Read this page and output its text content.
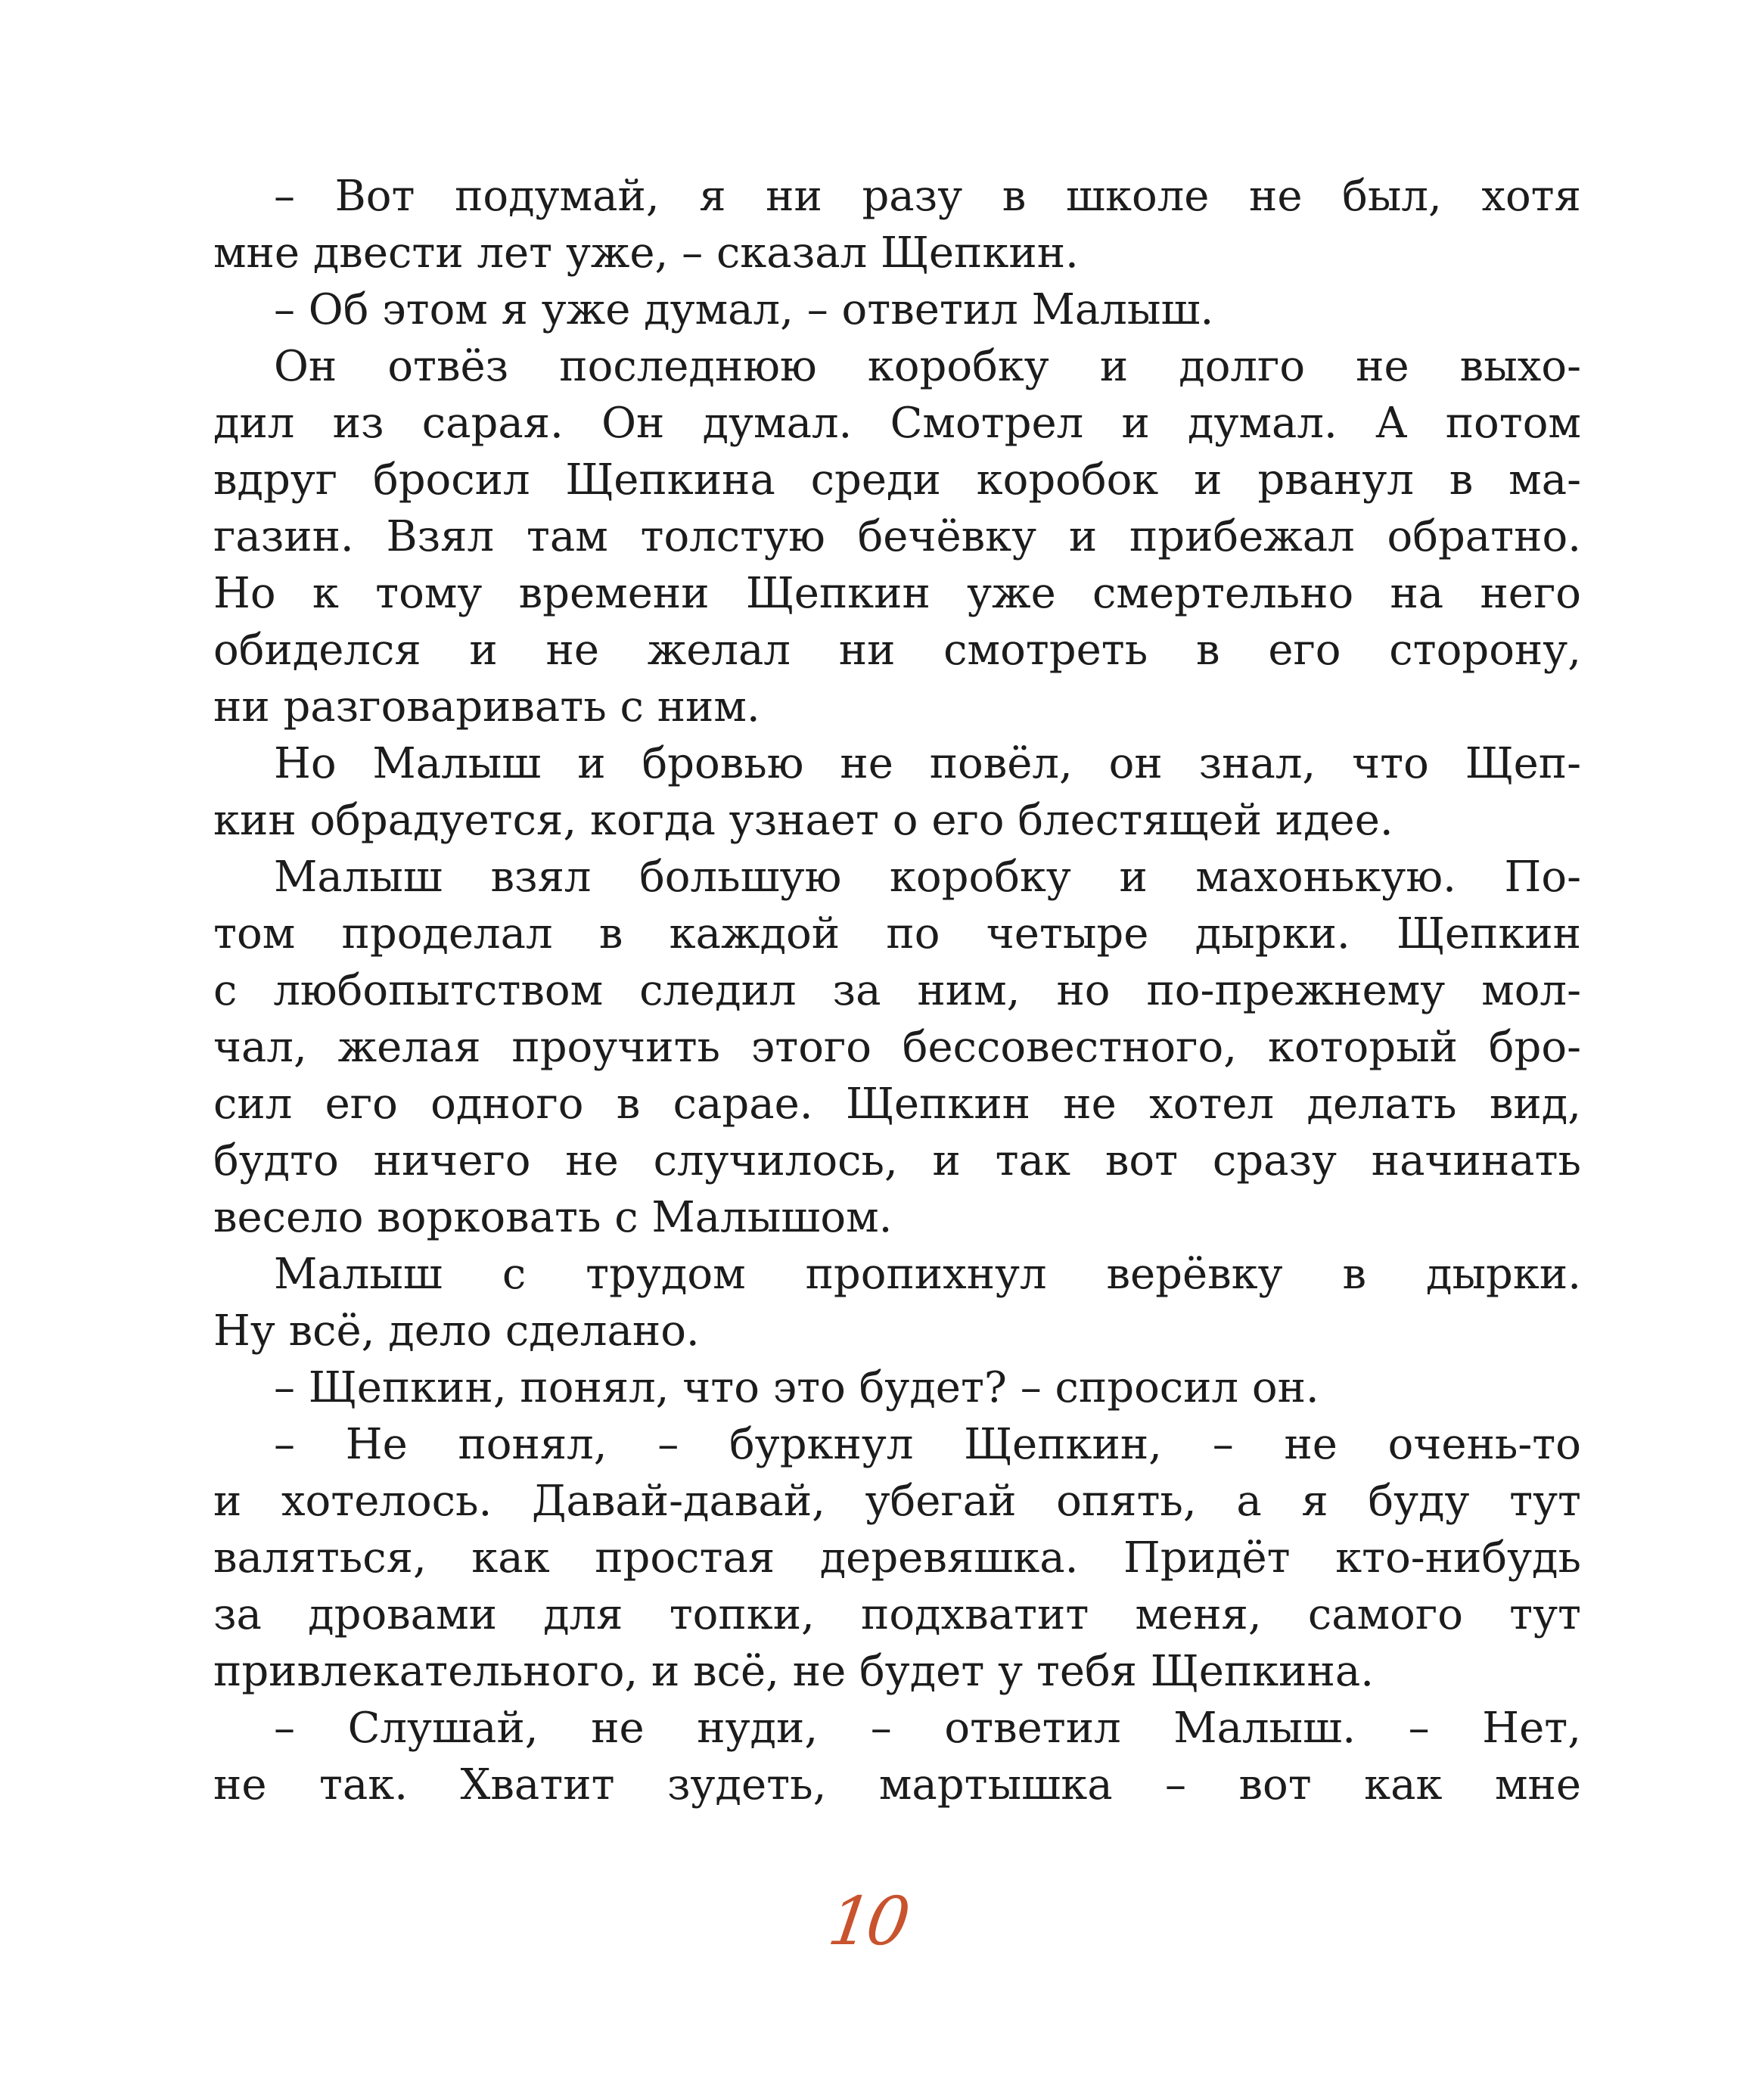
– Вот подумай, я ни разу в школе не был, хотя
мне двести лет уже, – сказал Щепкин.
– Об этом я уже думал, – ответил Малыш.
Он отвёз последнюю коробку и долго не выхо-
дил из сарая. Он думал. Смотрел и думал. А потом
вдруг бросил Щепкина среди коробок и рванул в ма-
газин. Взял там толстую бечёвку и прибежал обратно.
Но к тому времени Щепкин уже смертельно на него
обиделся и не желал ни смотреть в его сторону,
ни разговаривать с ним.
Но Малыш и бровью не повёл, он знал, что Щеп-
кин обрадуется, когда узнает о его блестящей идее.
Малыш взял большую коробку и махонькую. По-
том проделал в каждой по четыре дырки. Щепкин
с любопытством следил за ним, но по-прежнему мол-
чал, желая проучить этого бессовестного, который бро-
сил его одного в сарае. Щепкин не хотел делать вид,
будто ничего не случилось, и так вот сразу начинать
весело ворковать с Малышом.
Малыш с трудом пропихнул верёвку в дырки.
Ну всё, дело сделано.
– Щепкин, понял, что это будет? – спросил он.
– Не понял, – буркнул Щепкин, – не очень-то
и хотелось. Давай-давай, убегай опять, а я буду тут
валяться, как простая деревяшка. Придёт кто-нибудь
за дровами для топки, подхватит меня, самого тут
привлекательного, и всё, не будет у тебя Щепкина.
– Слушай, не нуди, – ответил Малыш. – Нет,
не так. Хватит зудеть, мартышка – вот как мне
10
